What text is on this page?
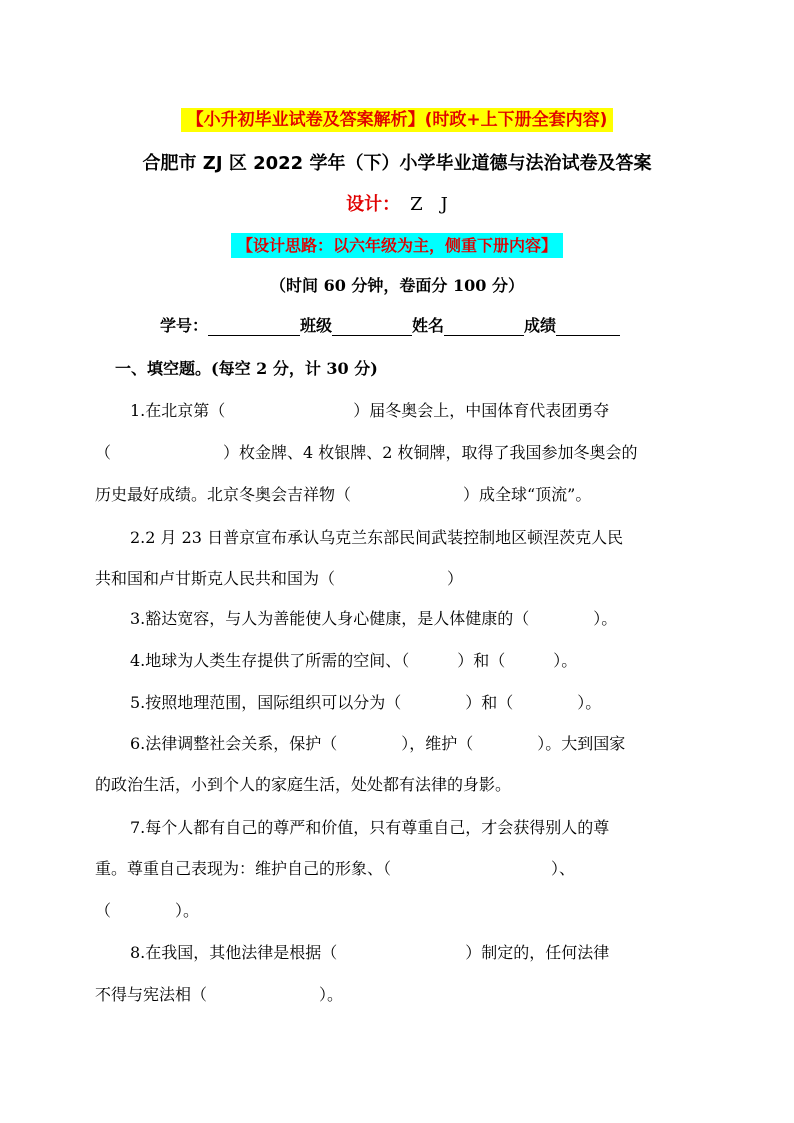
【小升初毕业试卷及答案解析】(时政+上下册全套内容)
合肥市 ZJ 区 2022 学年（下）小学毕业道德与法治试卷及答案
设计： Z　J
【设计思路：以六年级为主，侧重下册内容】
（时间 60 分钟，卷面分 100 分）
学号：	班级	姓名	成绩
一、填空题。(每空 2 分，计 30 分)
1.在北京第（　　　　　　　　）届冬奥会上，中国体育代表团勇夺
（　　　　　　　）枚金牌、4 枚银牌、2 枚铜牌，取得了我国参加冬奥会的
历史最好成绩。北京冬奥会吉祥物（　　　　　　　）成全球“顶流”。
2.2 月 23 日普京宣布承认乌克兰东部民间武装控制地区顿涅茨克人民
共和国和卢甘斯克人民共和国为（　　　　　　　）
3.豁达宽容，与人为善能使人身心健康，是人体健康的（　　　　）。
4.地球为人类生存提供了所需的空间、（　　　）和（　　　）。
5.按照地理范围，国际组织可以分为（　　　　）和（　　　　）。
6.法律调整社会关系，保护（　　　　），维护（　　　　）。大到国家
的政治生活，小到个人的家庭生活，处处都有法律的身影。
7.每个人都有自己的尊严和价值，只有尊重自己，才会获得别人的尊
重。尊重自己表现为：维护自己的形象、（　　　　　　　　　　）、
（　　　　）。
8.在我国，其他法律是根据（　　　　　　　　）制定的，任何法律
不得与宪法相（　　　　　　　）。
